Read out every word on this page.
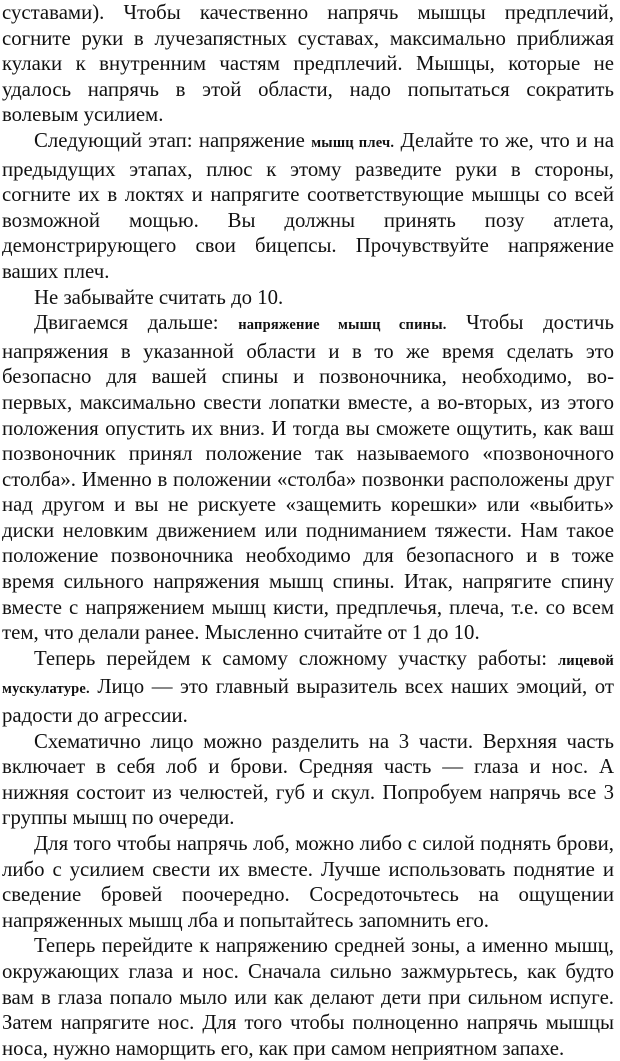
суставами). Чтобы качественно напрячь мышцы предплечий, согните руки в лучезапястных суставах, максимально приближая кулаки к внутренним частям предплечий. Мышцы, которые не удалось напрячь в этой области, надо попытаться сократить волевым усилием.

Следующий этап: напряжение мышц плеч. Делайте то же, что и на предыдущих этапах, плюс к этому разведите руки в стороны, согните их в локтях и напрягите соответствующие мышцы со всей возможной мощью. Вы должны принять позу атлета, демонстрирующего свои бицепсы. Прочувствуйте напряжение ваших плеч.

Не забывайте считать до 10.

Двигаемся дальше: напряжение мышц спины. Чтобы достичь напряжения в указанной области и в то же время сделать это безопасно для вашей спины и позвоночника, необходимо, во-первых, максимально свести лопатки вместе, а во-вторых, из этого положения опустить их вниз. И тогда вы сможете ощутить, как ваш позвоночник принял положение так называемого «позвоночного столба». Именно в положении «столба» позвонки расположены друг над другом и вы не рискуете «защемить корешки» или «выбить» диски неловким движением или подниманием тяжести. Нам такое положение позвоночника необходимо для безопасного и в тоже время сильного напряжения мышц спины. Итак, напрягите спину вместе с напряжением мышц кисти, предплечья, плеча, т.е. со всем тем, что делали ранее. Мысленно считайте от 1 до 10.

Теперь перейдем к самому сложному участку работы: лицевой мускулатуре. Лицо — это главный выразитель всех наших эмоций, от радости до агрессии.

Схематично лицо можно разделить на 3 части. Верхняя часть включает в себя лоб и брови. Средняя часть — глаза и нос. А нижняя состоит из челюстей, губ и скул. Попробуем напрячь все 3 группы мышц по очереди.

Для того чтобы напрячь лоб, можно либо с силой поднять брови, либо с усилием свести их вместе. Лучше использовать поднятие и сведение бровей поочередно. Сосредоточьтесь на ощущении напряженных мышц лба и попытайтесь запомнить его.

Теперь перейдите к напряжению средней зоны, а именно мышц, окружающих глаза и нос. Сначала сильно зажмурьтесь, как будто вам в глаза попало мыло или как делают дети при сильном испуге. Затем напрягите нос. Для того чтобы полноценно напрячь мышцы носа, нужно наморщить его, как при самом неприятном запахе.
